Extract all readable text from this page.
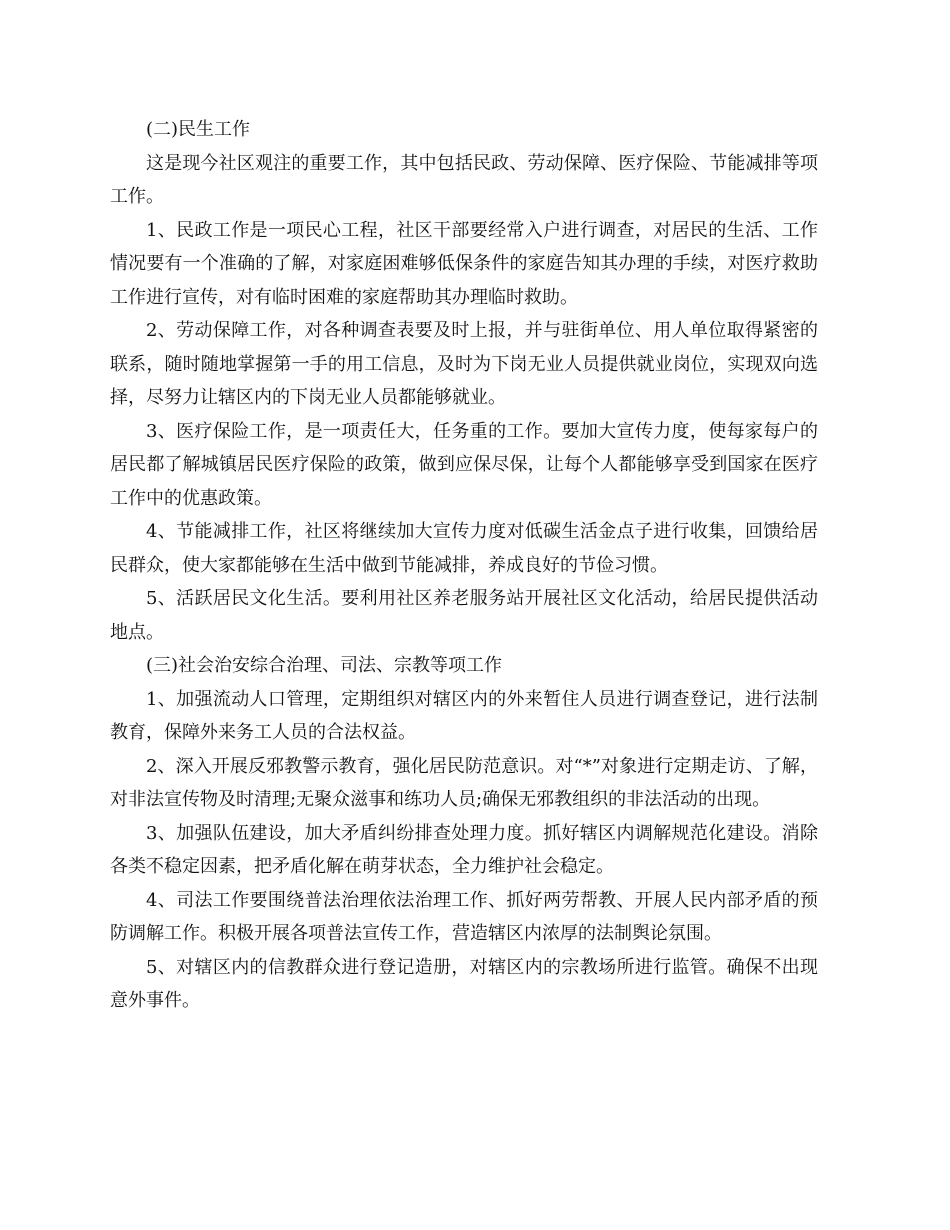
(二)民生工作

这是现今社区观注的重要工作，其中包括民政、劳动保障、医疗保险、节能减排等项工作。

1、民政工作是一项民心工程，社区干部要经常入户进行调查，对居民的生活、工作情况要有一个准确的了解，对家庭困难够低保条件的家庭告知其办理的手续，对医疗救助工作进行宣传，对有临时困难的家庭帮助其办理临时救助。

2、劳动保障工作，对各种调查表要及时上报，并与驻街单位、用人单位取得紧密的联系，随时随地掌握第一手的用工信息，及时为下岗无业人员提供就业岗位，实现双向选择，尽努力让辖区内的下岗无业人员都能够就业。

3、医疗保险工作，是一项责任大，任务重的工作。要加大宣传力度，使每家每户的居民都了解城镇居民医疗保险的政策，做到应保尽保，让每个人都能够享受到国家在医疗工作中的优惠政策。

4、节能减排工作，社区将继续加大宣传力度对低碳生活金点子进行收集，回馈给居民群众，使大家都能够在生活中做到节能减排，养成良好的节俭习惯。

5、活跃居民文化生活。要利用社区养老服务站开展社区文化活动，给居民提供活动地点。

(三)社会治安综合治理、司法、宗教等项工作

1、加强流动人口管理，定期组织对辖区内的外来暂住人员进行调查登记，进行法制教育，保障外来务工人员的合法权益。

2、深入开展反邪教警示教育，强化居民防范意识。对“*”对象进行定期走访、了解，对非法宣传物及时清理;无聚众滋事和练功人员;确保无邪教组织的非法活动的出现。

3、加强队伍建设，加大矛盾纠纷排查处理力度。抓好辖区内调解规范化建设。消除各类不稳定因素，把矛盾化解在萌芽状态，全力维护社会稳定。

4、司法工作要围绕普法治理依法治理工作、抓好两劳帮教、开展人民内部矛盾的预防调解工作。积极开展各项普法宣传工作，营造辖区内浓厚的法制舆论氛围。

5、对辖区内的信教群众进行登记造册，对辖区内的宗教场所进行监管。确保不出现意外事件。
